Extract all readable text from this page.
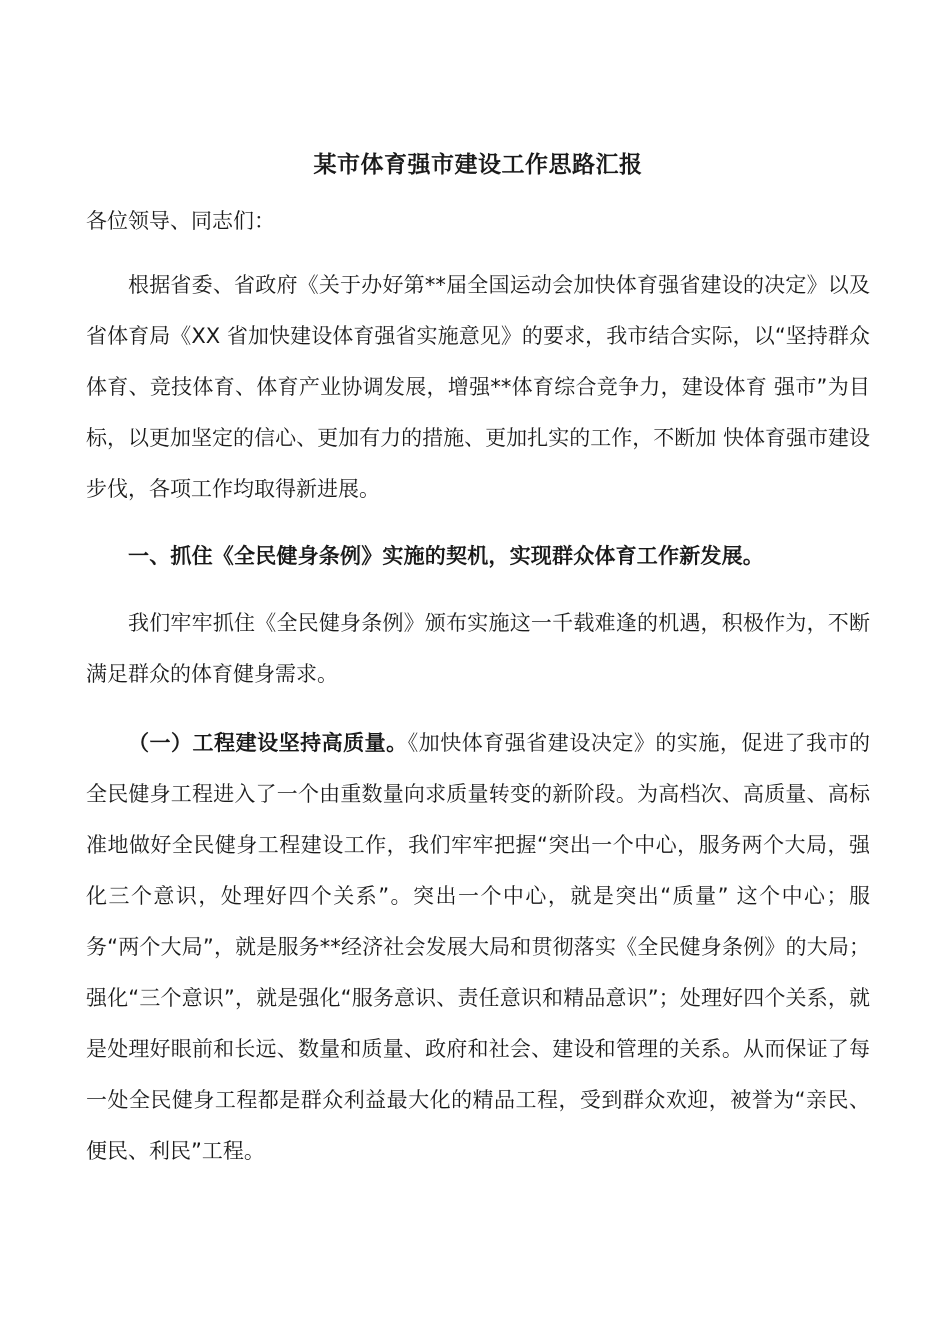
某市体育强市建设工作思路汇报
各位领导、同志们：

根据省委、省政府《关于办好第**届全国运动会加快体育强省建设的决定》以及省体育局《XX 省加快建设体育强省实施意见》的要求，我市结合实际，以“坚持群众体育、竞技体育、体育产业协调发展，增强**体育综合竞争力，建设体育 强市”为目标，以更加坚定的信心、更加有力的措施、更加扎实的工作，不断加 快体育强市建设步伐，各项工作均取得新进展。

一、抓住《全民健身条例》实施的契机，实现群众体育工作新发展。

我们牢牢抓住《全民健身条例》颁布实施这一千载难逢的机遇，积极作为，不断满足群众的体育健身需求。

（一）工程建设坚持高质量。《加快体育强省建设决定》的实施，促进了我市的全民健身工程进入了一个由重数量向求质量转变的新阶段。为高档次、高质量、高标准地做好全民健身工程建设工作，我们牢牢把握“突出一个中心，服务两个大局，强化三个意识，处理好四个关系”。突出一个中心，就是突出“质量” 这个中心；服务“两个大局”，就是服务**经济社会发展大局和贯彻落实《全民健身条例》的大局；强化“三个意识”，就是强化“服务意识、责任意识和精品意识”；处理好四个关系，就是处理好眼前和长远、数量和质量、政府和社会、建设和管理的关系。从而保证了每一处全民健身工程都是群众利益最大化的精品工程，受到群众欢迎，被誉为“亲民、便民、利民”工程。
